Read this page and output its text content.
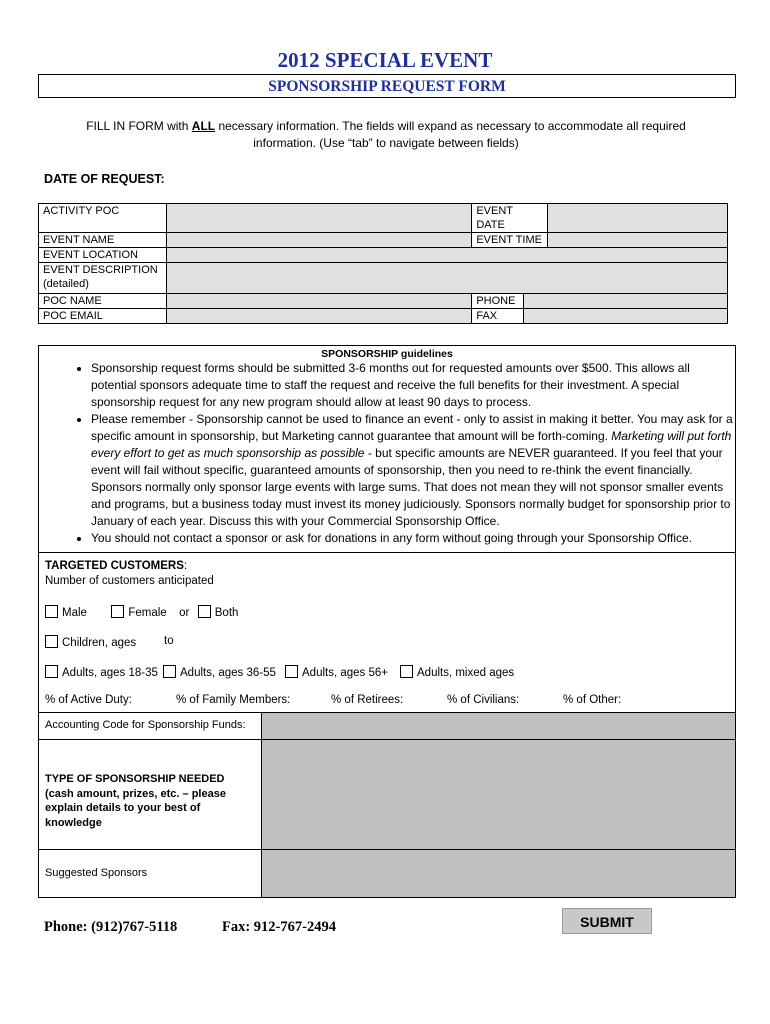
2012 SPECIAL EVENT
SPONSORSHIP REQUEST FORM
FILL IN FORM with ALL necessary information. The fields will expand as necessary to accommodate all required information. (Use “tab” to navigate between fields)
DATE OF REQUEST:
ACTIVITY POC		EVENT DATE		
EVENT NAME		EVENT TIME		
EVENT LOCATION				
EVENT DESCRIPTION
(detailed)				
POC NAME		PHONE		
POC EMAIL		FAX		
SPONSORSHIP guidelines
• Sponsorship request forms should be submitted 3-6 months out for requested amounts over $500. This allows all potential sponsors adequate time to staff the request and receive the full benefits for their investment. A special sponsorship request for any new program should allow at least 90 days to process.
• Please remember - Sponsorship cannot be used to finance an event - only to assist in making it better. You may ask for a specific amount in sponsorship, but Marketing cannot guarantee that amount will be forth-coming. Marketing will put forth every effort to get as much sponsorship as possible - but specific amounts are NEVER guaranteed. If you feel that your event will fail without specific, guaranteed amounts of sponsorship, then you need to re-think the event financially. Sponsors normally only sponsor large events with large sums. That does not mean they will not sponsor smaller events and programs, but a business today must invest its money judiciously. Sponsors normally budget for sponsorship prior to January of each year. Discuss this with your Commercial Sponsorship Office.
• You should not contact a sponsor or ask for donations in any form without going through your Sponsorship Office.
TARGETED CUSTOMERS:
Number of customers anticipated
Male	Female or Both
Children, ages to
Adults, ages 18-35	Adults, ages 36-55	Adults, ages 56+	Adults, mixed ages
% of Active Duty:	% of Family Members:	% of Retirees:	% of Civilians:	% of Other:
Accounting Code for Sponsorship Funds:
TYPE OF SPONSORSHIP NEEDED
(cash amount, prizes, etc. – please explain details to your best of knowledge
Suggested Sponsors
Phone: (912)767-5118	Fax: 912-767-2494	SUBMIT
